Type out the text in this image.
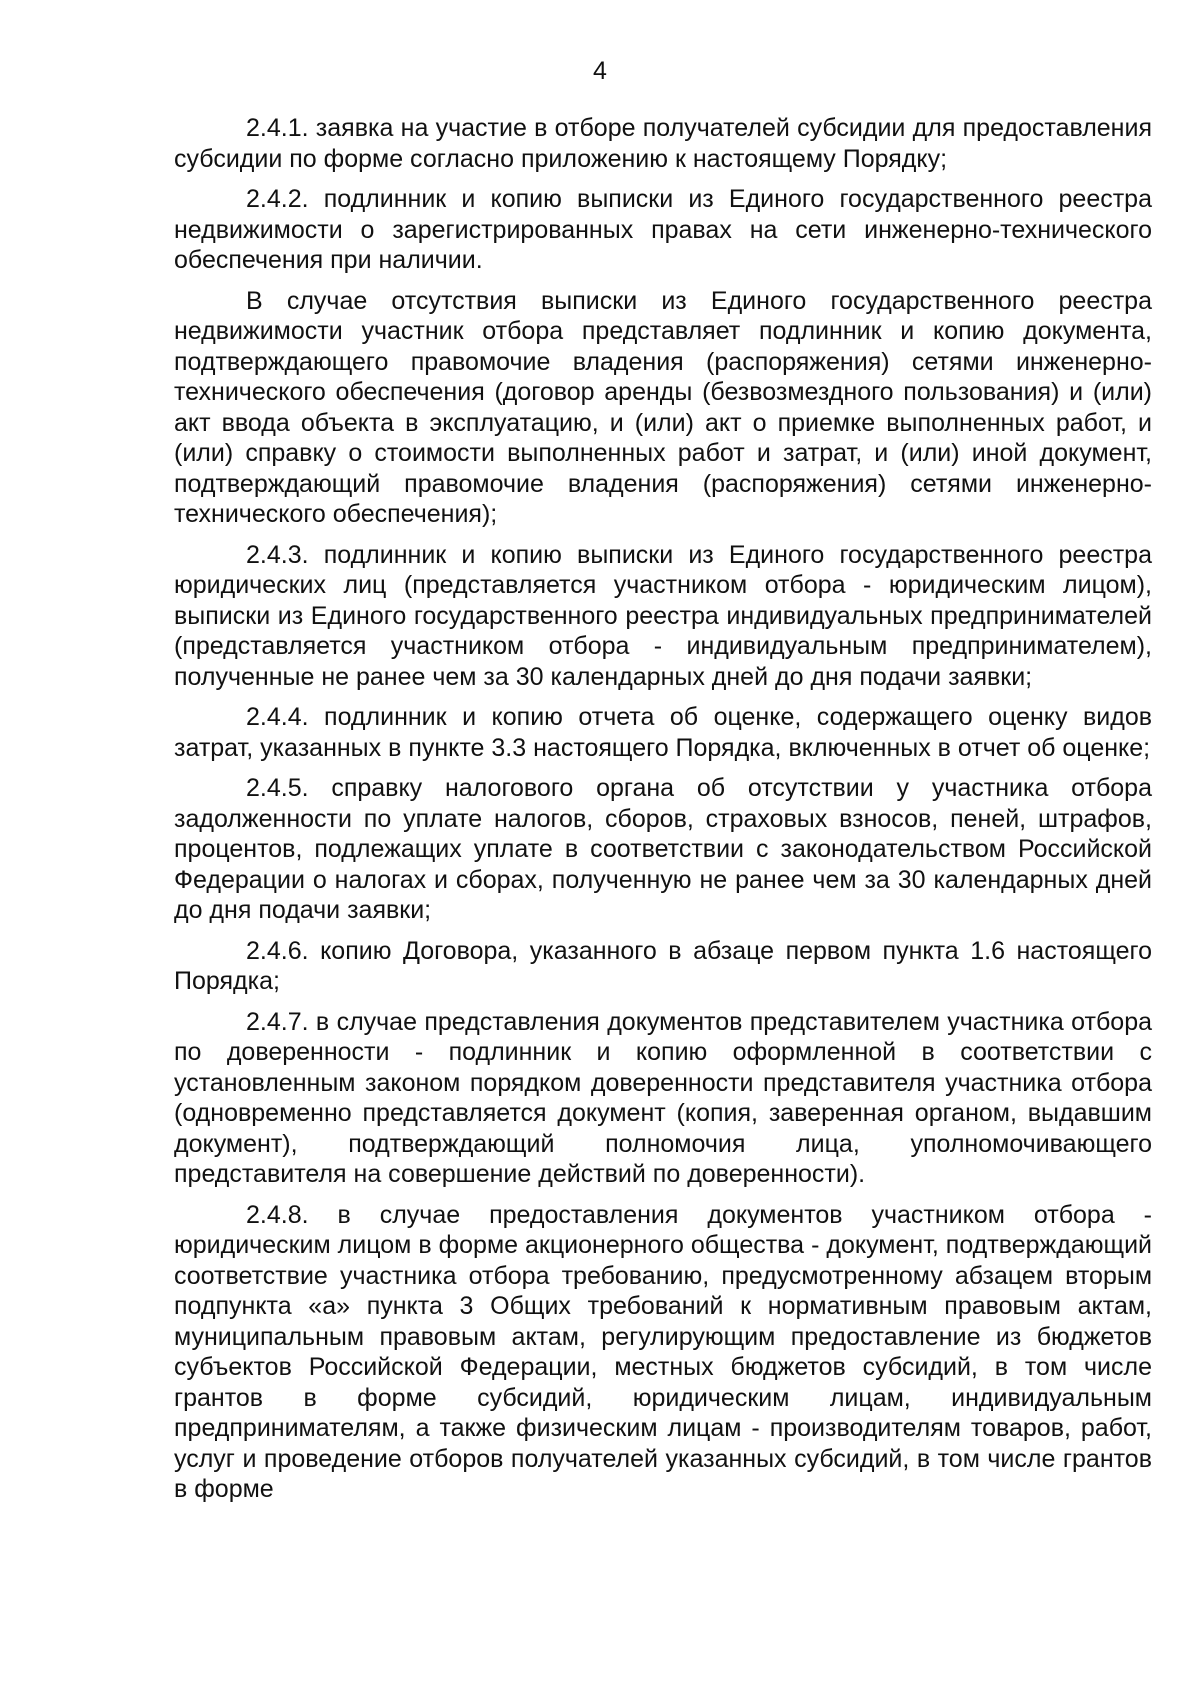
4

2.4.1. заявка на участие в отборе получателей субсидии для предоставления субсидии по форме согласно приложению к настоящему Порядку;

2.4.2. подлинник и копию выписки из Единого государственного реестра недвижимости о зарегистрированных правах на сети инженерно-технического обеспечения при наличии.

В случае отсутствия выписки из Единого государственного реестра недвижимости участник отбора представляет подлинник и копию документа, подтверждающего правомочие владения (распоряжения) сетями инженерно-технического обеспечения (договор аренды (безвозмездного пользования) и (или) акт ввода объекта в эксплуатацию, и (или) акт о приемке выполненных работ, и (или) справку о стоимости выполненных работ и затрат, и (или) иной документ, подтверждающий правомочие владения (распоряжения) сетями инженерно-технического обеспечения);

2.4.3. подлинник и копию выписки из Единого государственного реестра юридических лиц (представляется участником отбора - юридическим лицом), выписки из Единого государственного реестра индивидуальных предпринимателей (представляется участником отбора - индивидуальным предпринимателем), полученные не ранее чем за 30 календарных дней до дня подачи заявки;

2.4.4. подлинник и копию отчета об оценке, содержащего оценку видов затрат, указанных в пункте 3.3 настоящего Порядка, включенных в отчет об оценке;

2.4.5. справку налогового органа об отсутствии у участника отбора задолженности по уплате налогов, сборов, страховых взносов, пеней, штрафов, процентов, подлежащих уплате в соответствии с законодательством Российской Федерации о налогах и сборах, полученную не ранее чем за 30 календарных дней до дня подачи заявки;

2.4.6. копию Договора, указанного в абзаце первом пункта 1.6 настоящего Порядка;

2.4.7. в случае представления документов представителем участника отбора по доверенности - подлинник и копию оформленной в соответствии с установленным законом порядком доверенности представителя участника отбора (одновременно представляется документ (копия, заверенная органом, выдавшим документ), подтверждающий полномочия лица, уполномочивающего представителя на совершение действий по доверенности).

2.4.8. в случае предоставления документов участником отбора - юридическим лицом в форме акционерного общества - документ, подтверждающий соответствие участника отбора требованию, предусмотренному абзацем вторым подпункта «а» пункта 3 Общих требований к нормативным правовым актам, муниципальным правовым актам, регулирующим предоставление из бюджетов субъектов Российской Федерации, местных бюджетов субсидий, в том числе грантов в форме субсидий, юридическим лицам, индивидуальным предпринимателям, а также физическим лицам - производителям товаров, работ, услуг и проведение отборов получателей указанных субсидий, в том числе грантов в форме
